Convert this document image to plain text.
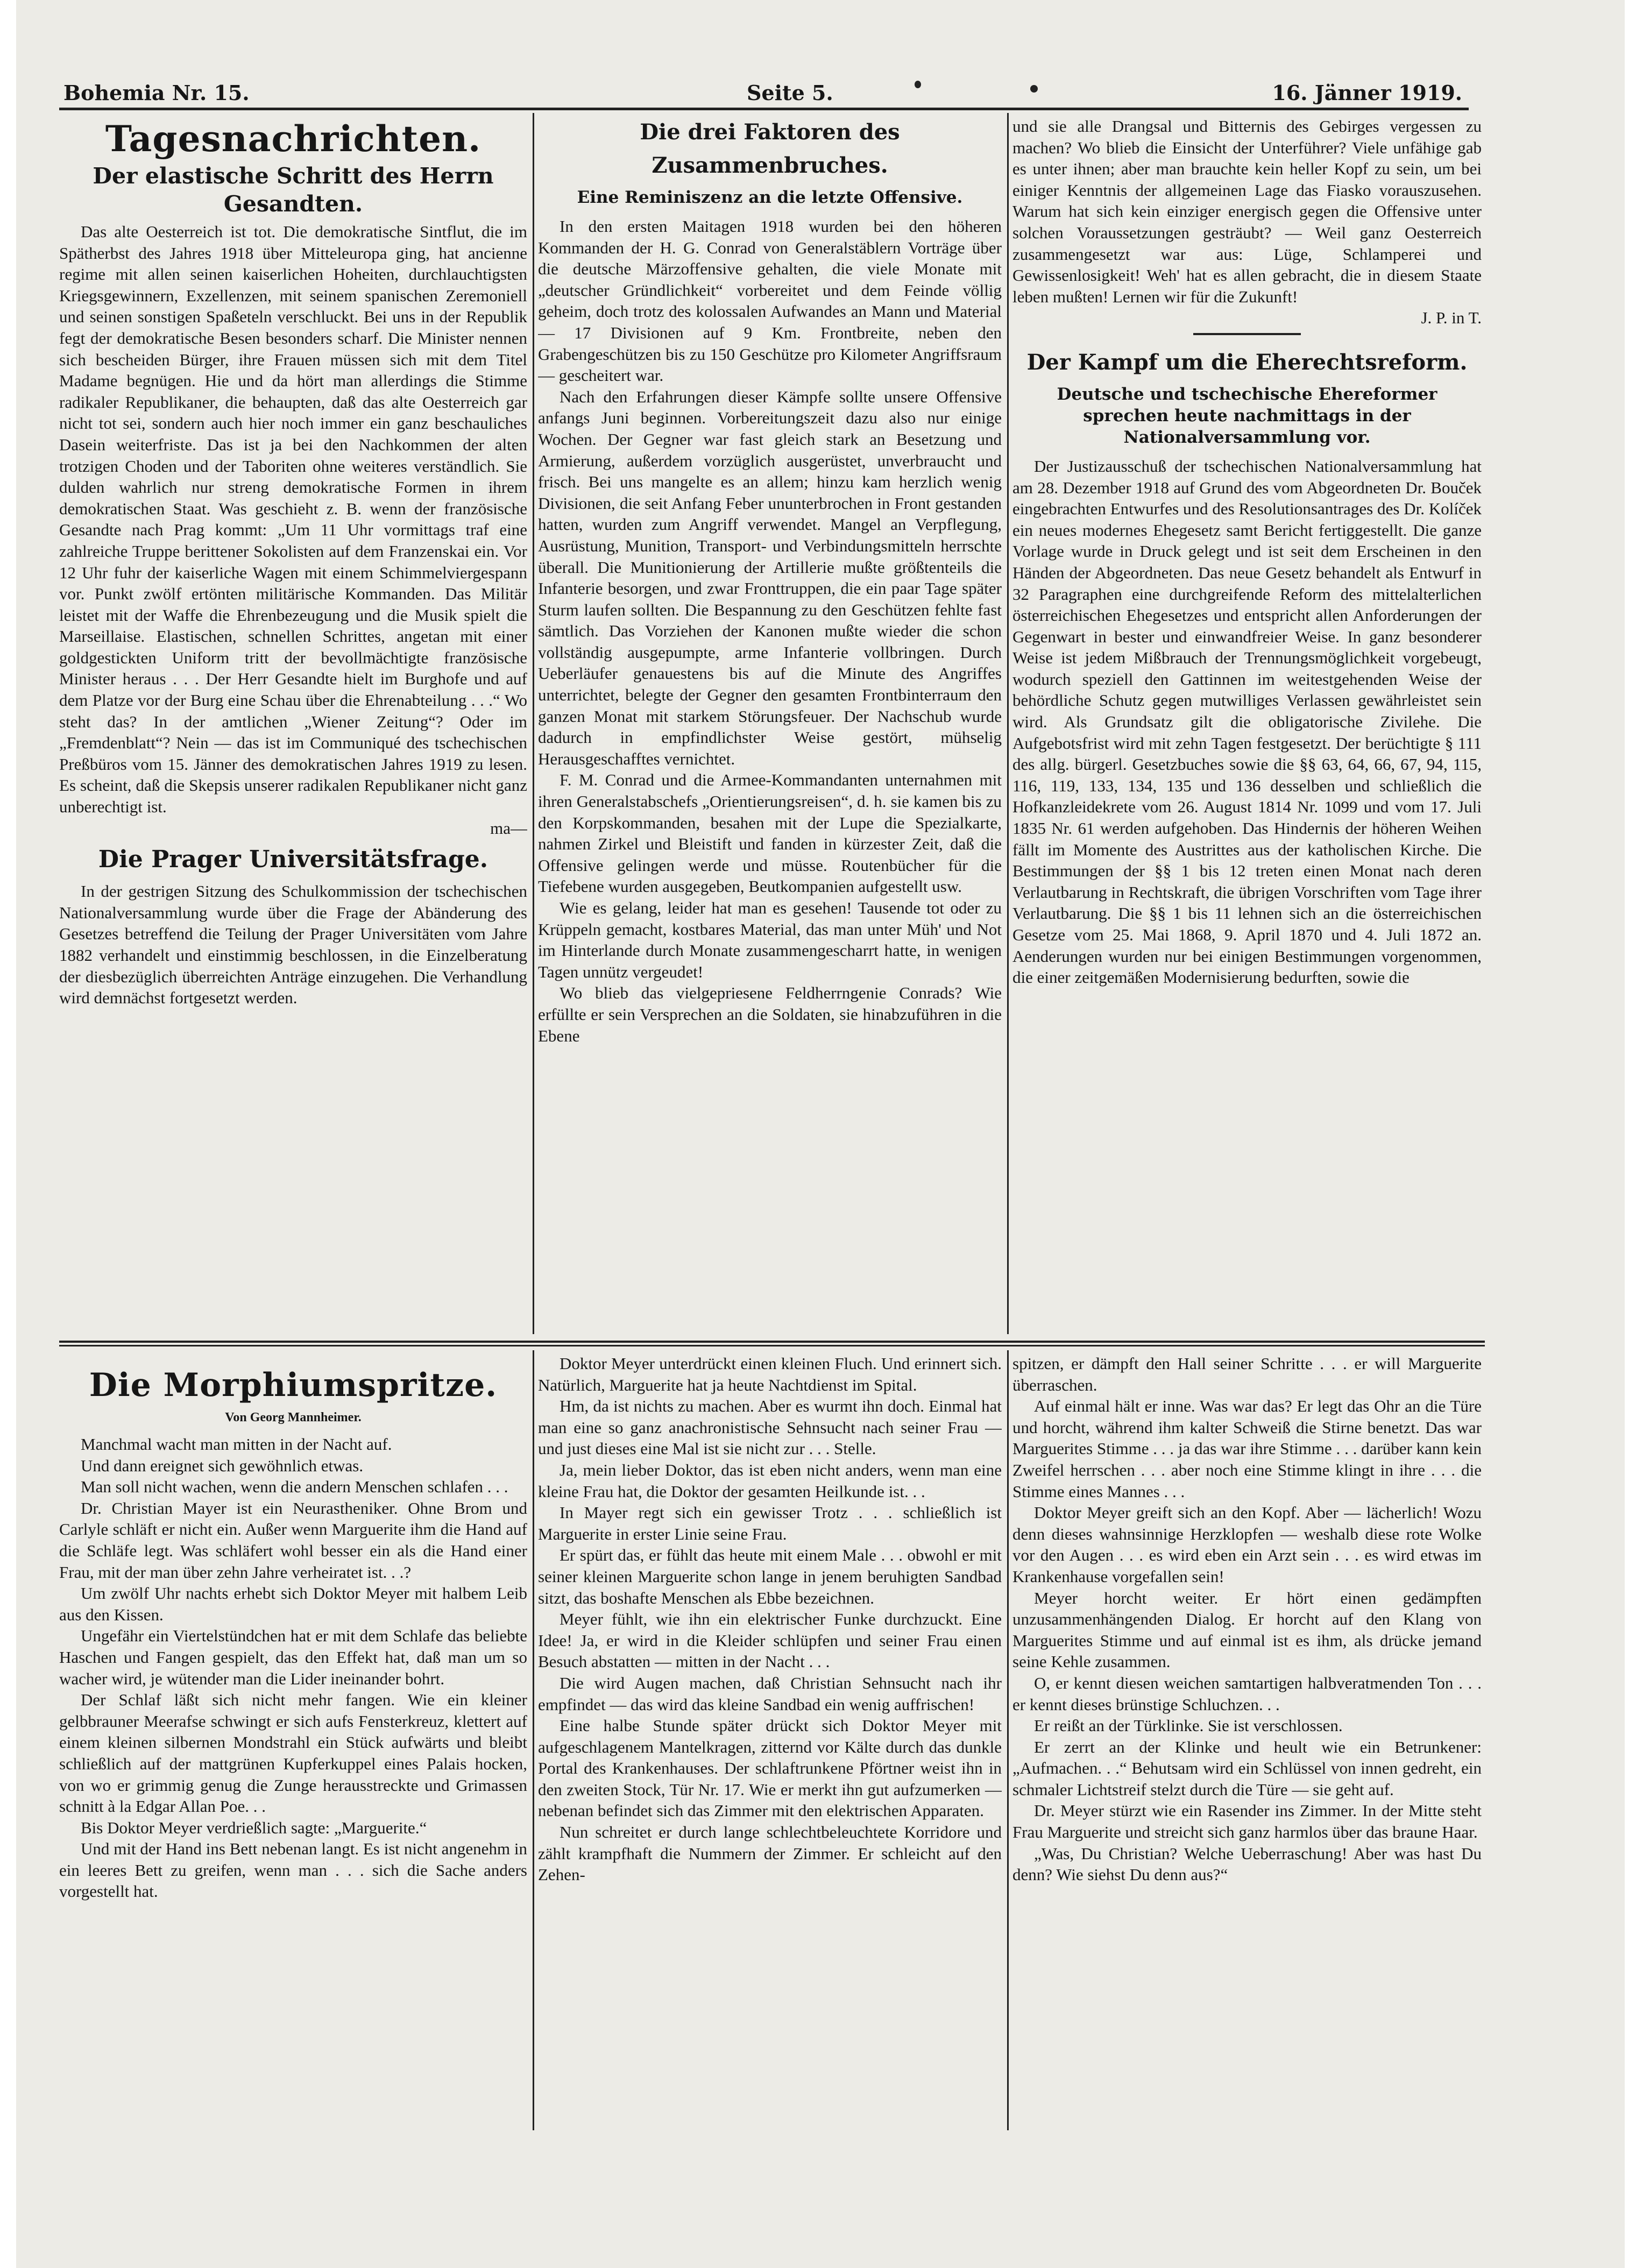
Bohemia Nr. 15.	Seite 5.	16. Jänner 1919.
Tagesnachrichten.
Der elastische Schritt des Herrn Gesandten.

Das alte Oesterreich ist tot. Die demokratische Sintflut, die im Spätherbst des Jahres 1918 über Mitteleuropa ging, hat ancienne regime mit allen seinen kaiserlichen Hoheiten, durchlauchtigsten Kriegsgewinnern, Exzellenzen, mit seinem spanischen Zeremoniell und seinen sonstigen Spaßeteln verschluckt. Bei uns in der Republik fegt der demokratische Besen besonders scharf. Die Minister nennen sich bescheiden Bürger, ihre Frauen müssen sich mit dem Titel Madame begnügen. Hie und da hört man allerdings die Stimme radikaler Republikaner, die behaupten, daß das alte Oesterreich gar nicht tot sei, sondern auch hier noch immer ein ganz beschauliches Dasein weiterfriste. Das ist ja bei den Nachkommen der alten trotzigen Choden und der Taboriten ohne weiteres verständlich. Sie dulden wahrlich nur streng demokratische Formen in ihrem demokratischen Staat. Was geschieht z. B. wenn der französische Gesandte nach Prag kommt: „Um 11 Uhr vormittags traf eine zahlreiche Truppe berittener Sokolisten auf dem Franzenskai ein. Vor 12 Uhr fuhr der kaiserliche Wagen mit einem Schimmelviergespann vor. Punkt zwölf ertönten militärische Kommanden. Das Militär leistet mit der Waffe die Ehrenbezeugung und die Musik spielt die Marseillaise. Elastischen, schnellen Schrittes, angetan mit einer goldgestickten Uniform tritt der bevollmächtigte französische Minister heraus . . . Der Herr Gesandte hielt im Burghofe und auf dem Platze vor der Burg eine Schau über die Ehrenabteilung . . .“ Wo steht das? In der amtlichen „Wiener Zeitung“? Oder im „Fremdenblatt“? Nein — das ist im Communiqué des tschechischen Preßbüros vom 15. Jänner des demokratischen Jahres 1919 zu lesen. Es scheint, daß die Skepsis unserer radikalen Republikaner nicht ganz unberechtigt ist.

ma—

Die Prager Universitätsfrage.

In der gestrigen Sitzung des Schulkommission der tschechischen Nationalversammlung wurde über die Frage der Abänderung des Gesetzes betreffend die Teilung der Prager Universitäten vom Jahre 1882 verhandelt und einstimmig beschlossen, in die Einzelberatung der diesbezüglich überreichten Anträge einzugehen. Die Verhandlung wird demnächst fortgesetzt werden.

Die drei Faktoren des Zusammenbruches.
Eine Reminiszenz an die letzte Offensive.

In den ersten Maitagen 1918 wurden bei den höheren Kommanden der H. G. Conrad von Generalstäblern Vorträge über die deutsche Märzoffensive gehalten, die viele Monate mit „deutscher Gründlichkeit“ vorbereitet und dem Feinde völlig geheim, doch trotz des kolossalen Aufwandes an Mann und Material — 17 Divisionen auf 9 Km. Frontbreite, neben den Grabengeschützen bis zu 150 Geschütze pro Kilometer Angriffsraum — gescheitert war.

Nach den Erfahrungen dieser Kämpfe sollte unsere Offensive anfangs Juni beginnen. Vorbereitungszeit dazu also nur einige Wochen. Der Gegner war fast gleich stark an Besetzung und Armierung, außerdem vorzüglich ausgerüstet, unverbraucht und frisch. Bei uns mangelte es an allem; hinzu kam herzlich wenig Divisionen, die seit Anfang Feber ununterbrochen in Front gestanden hatten, wurden zum Angriff verwendet. Mangel an Verpflegung, Ausrüstung, Munition, Transport- und Verbindungsmitteln herrschte überall. Die Munitionierung der Artillerie mußte größtenteils die Infanterie besorgen, und zwar Fronttruppen, die ein paar Tage später Sturm laufen sollten. Die Bespannung zu den Geschützen fehlte fast sämtlich. Das Vorziehen der Kanonen mußte wieder die schon vollständig ausgepumpte, arme Infanterie vollbringen. Durch Ueberläufer genauestens bis auf die Minute des Angriffes unterrichtet, belegte der Gegner den gesamten Frontbinterraum den ganzen Monat mit starkem Störungsfeuer. Der Nachschub wurde dadurch in empfindlichster Weise gestört, mühselig Herausgeschafftes vernichtet.

F. M. Conrad und die Armee-Kommandanten unternahmen mit ihren Generalstabschefs „Orientierungsreisen“, d. h. sie kamen bis zu den Korpskommanden, besahen mit der Lupe die Spezialkarte, nahmen Zirkel und Bleistift und fanden in kürzester Zeit, daß die Offensive gelingen werde und müsse. Routenbücher für die Tiefebene wurden ausgegeben, Beutkompanien aufgestellt usw.

Wie es gelang, leider hat man es gesehen! Tausende tot oder zu Krüppeln gemacht, kostbares Material, das man unter Müh' und Not im Hinterlande durch Monate zusammengescharrt hatte, in wenigen Tagen unnütz vergeudet!

Wo blieb das vielgepriesene Feldherrngenie Conrads? Wie erfüllte er sein Versprechen an die Soldaten, sie hinabzuführen in die Ebene

und sie alle Drangsal und Bitternis des Gebirges vergessen zu machen? Wo blieb die Einsicht der Unterführer? Viele unfähige gab es unter ihnen; aber man brauchte kein heller Kopf zu sein, um bei einiger Kenntnis der allgemeinen Lage das Fiasko vorauszusehen. Warum hat sich kein einziger energisch gegen die Offensive unter solchen Voraussetzungen gesträubt? — Weil ganz Oesterreich zusammengesetzt war aus: Lüge, Schlamperei und Gewissenlosigkeit! Weh' hat es allen gebracht, die in diesem Staate leben mußten! Lernen wir für die Zukunft!

J. P. in T.

Der Kampf um die Eherechtsreform.
Deutsche und tschechische Ehereformer sprechen heute nachmittags in der Nationalversammlung vor.

Der Justizausschuß der tschechischen Nationalversammlung hat am 28. Dezember 1918 auf Grund des vom Abgeordneten Dr. Bouček eingebrachten Entwurfes und des Resolutionsantrages des Dr. Kolíček ein neues modernes Ehegesetz samt Bericht fertiggestellt. Die ganze Vorlage wurde in Druck gelegt und ist seit dem Erscheinen in den Händen der Abgeordneten. Das neue Gesetz behandelt als Entwurf in 32 Paragraphen eine durchgreifende Reform des mittelalterlichen österreichischen Ehegesetzes und entspricht allen Anforderungen der Gegenwart in bester und einwandfreier Weise. In ganz besonderer Weise ist jedem Mißbrauch der Trennungsmöglichkeit vorgebeugt, wodurch speziell den Gattinnen im weitestgehenden Weise der behördliche Schutz gegen mutwilliges Verlassen gewährleistet sein wird. Als Grundsatz gilt die obligatorische Zivilehe. Die Aufgebotsfrist wird mit zehn Tagen festgesetzt. Der berüchtigte § 111 des allg. bürgerl. Gesetzbuches sowie die §§ 63, 64, 66, 67, 94, 115, 116, 119, 133, 134, 135 und 136 desselben und schließlich die Hofkanzleidekrete vom 26. August 1814 Nr. 1099 und vom 17. Juli 1835 Nr. 61 werden aufgehoben. Das Hindernis der höheren Weihen fällt im Momente des Austrittes aus der katholischen Kirche. Die Bestimmungen der §§ 1 bis 12 treten einen Monat nach deren Verlautbarung in Rechtskraft, die übrigen Vorschriften vom Tage ihrer Verlautbarung. Die §§ 1 bis 11 lehnen sich an die österreichischen Gesetze vom 25. Mai 1868, 9. April 1870 und 4. Juli 1872 an. Aenderungen wurden nur bei einigen Bestimmungen vorgenommen, die einer zeitgemäßen Modernisierung bedurften, sowie die

Die Morphiumspritze.
Von Georg Mannheimer.

Manchmal wacht man mitten in der Nacht auf.

Und dann ereignet sich gewöhnlich etwas.

Man soll nicht wachen, wenn die andern Menschen schlafen . . .

Dr. Christian Mayer ist ein Neurastheniker. Ohne Brom und Carlyle schläft er nicht ein. Außer wenn Marguerite ihm die Hand auf die Schläfe legt. Was schläfert wohl besser ein als die Hand einer Frau, mit der man über zehn Jahre verheiratet ist. . .?

Um zwölf Uhr nachts erhebt sich Doktor Meyer mit halbem Leib aus den Kissen.

Ungefähr ein Viertelstündchen hat er mit dem Schlafe das beliebte Haschen und Fangen gespielt, das den Effekt hat, daß man um so wacher wird, je wütender man die Lider ineinander bohrt.

Der Schlaf läßt sich nicht mehr fangen. Wie ein kleiner gelbbrauner Meerafse schwingt er sich aufs Fensterkreuz, klettert auf einem kleinen silbernen Mondstrahl ein Stück aufwärts und bleibt schließlich auf der mattgrünen Kupferkuppel eines Palais hocken, von wo er grimmig genug die Zunge herausstreckte und Grimassen schnitt à la Edgar Allan Poe. . .

Bis Doktor Meyer verdrießlich sagte: „Marguerite.“

Und mit der Hand ins Bett nebenan langt. Es ist nicht angenehm in ein leeres Bett zu greifen, wenn man . . . sich die Sache anders vorgestellt hat.

Doktor Meyer unterdrückt einen kleinen Fluch. Und erinnert sich. Natürlich, Marguerite hat ja heute Nachtdienst im Spital.

Hm, da ist nichts zu machen. Aber es wurmt ihn doch. Einmal hat man eine so ganz anachronistische Sehnsucht nach seiner Frau — und just dieses eine Mal ist sie nicht zur . . . Stelle.

Ja, mein lieber Doktor, das ist eben nicht anders, wenn man eine kleine Frau hat, die Doktor der gesamten Heilkunde ist. . .

In Mayer regt sich ein gewisser Trotz . . . schließlich ist Marguerite in erster Linie seine Frau.

Er spürt das, er fühlt das heute mit einem Male . . . obwohl er mit seiner kleinen Marguerite schon lange in jenem beruhigten Sandbad sitzt, das boshafte Menschen als Ebbe bezeichnen.

Meyer fühlt, wie ihn ein elektrischer Funke durchzuckt. Eine Idee! Ja, er wird in die Kleider schlüpfen und seiner Frau einen Besuch abstatten — mitten in der Nacht . . .

Die wird Augen machen, daß Christian Sehnsucht nach ihr empfindet — das wird das kleine Sandbad ein wenig auffrischen!

Eine halbe Stunde später drückt sich Doktor Meyer mit aufgeschlagenem Mantelkragen, zitternd vor Kälte durch das dunkle Portal des Krankenhauses. Der schlaftrunkene Pförtner weist ihn in den zweiten Stock, Tür Nr. 17. Wie er merkt ihn gut aufzumerken — nebenan befindet sich das Zimmer mit den elektrischen Apparaten.

Nun schreitet er durch lange schlechtbeleuchtete Korridore und zählt krampfhaft die Nummern der Zimmer. Er schleicht auf den Zehen-

spitzen, er dämpft den Hall seiner Schritte . . . er will Marguerite überraschen.

Auf einmal hält er inne. Was war das? Er legt das Ohr an die Türe und horcht, während ihm kalter Schweiß die Stirne benetzt. Das war Marguerites Stimme . . . ja das war ihre Stimme . . . darüber kann kein Zweifel herrschen . . . aber noch eine Stimme klingt in ihre . . . die Stimme eines Mannes . . .

Doktor Meyer greift sich an den Kopf. Aber — lächerlich! Wozu denn dieses wahnsinnige Herzklopfen — weshalb diese rote Wolke vor den Augen . . . es wird eben ein Arzt sein . . . es wird etwas im Krankenhause vorgefallen sein!

Meyer horcht weiter. Er hört einen gedämpften unzusammenhängenden Dialog. Er horcht auf den Klang von Marguerites Stimme und auf einmal ist es ihm, als drücke jemand seine Kehle zusammen.

O, er kennt diesen weichen samtartigen halbveratmenden Ton . . . er kennt dieses brünstige Schluchzen. . .

Er reißt an der Türklinke. Sie ist verschlossen.

Er zerrt an der Klinke und heult wie ein Betrunkener: „Aufmachen. . .“ Behutsam wird ein Schlüssel von innen gedreht, ein schmaler Lichtstreif stelzt durch die Türe — sie geht auf.

Dr. Meyer stürzt wie ein Rasender ins Zimmer. In der Mitte steht Frau Marguerite und streicht sich ganz harmlos über das braune Haar.

„Was, Du Christian? Welche Ueberraschung! Aber was hast Du denn? Wie siehst Du denn aus?“
